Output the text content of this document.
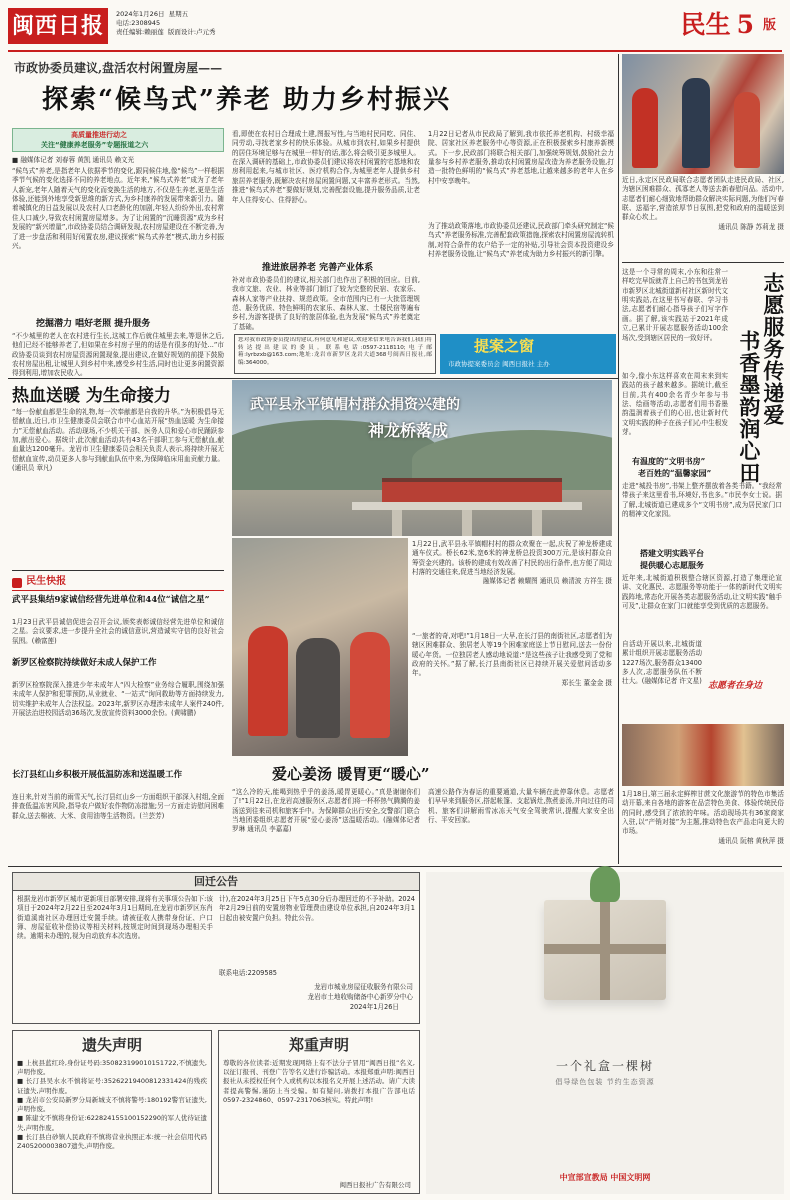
闽西日报	2024年1月26日 星期五
电话:2308945
责任编辑:赖丽莲 版面设计:卢元秀	民生 5 版
市政协委员建议,盘活农村闲置房屋——
探索“候鸟式”养老 助力乡村振兴
高质量推进行动之
关注“健康养老服务”专题报道之六
■ 融媒体记者 刘春蓉 黄凯 通讯员 赖文光
“候鸟式”养老,是指老年人依据季节的变化,跟同候住地,像“候鸟”一样根据季节气候的变化选择不同的养老地点。近年来,“候鸟式养老”成为了老年人新宠,老年人随着天气的变化而变换生活的地方,不仅是生养老,更是生活体验,还能到外地享受新思维的新方式,为乡村康养的发展带来新引力。随着城镇化的日益发展以及农村人口老龄化的加剧,年轻人纷纷外出,农村常住人口减少,导致农村闲置房屋增多。为了让闲置的“沉睡资源”成为乡村发展的“新兴增量”,市政协委员结合调研发现,农村房屋建设在不断完善,为了进一步盘活和利用好闲置农房,建议探索“候鸟式养老”模式,助力乡村振兴。
挖掘潜力 唱好老照 提升服务
“不少城里的老人在农村进行生长,这城工作后就住城里去来,等退休之后,他们已经不能够养老了,但如果在乡村房子里的的话是有很多的好处...”市政协委员谈到农村房屋资源闲置现象,提出建议,在做好规划的前提下鼓励农村房屋出租,让城里人到乡村中来,感受乡村生活,同时也让更多闲置资源得到利用,增加农民收入。
看,即使在农村日合理成土建,图报写性,与当地村民同吃、同住、同劳动,寻找老家乡村的快乐体验。从城市到农村,如果乡村提供的居住环境足够与在城里一样好的话,那么将会吸引更多城里人。在深入调研的基础上,市政协委员们建议将农村闲置的宅基地和农房利用起来,与城市社区、医疗机构合作,为城里老年人提供乡村旅居养老服务,既解决农村房屋闲置问题,又丰富养老形式。当然,推进“候鸟式养老”要做好规划,完善配套设施,提升服务品质,让老年人住得安心、住得舒心。
推进旅居养老 完善产业体系
补对市政协委员们的建议,相关部门也作出了积极的回应。目前,我市文旅、农业、林业等部门制订了较为完整的民宿、农家乐、森林人家等产业扶持、规范政策。全市范围内已有一大批管理规范、服务优质、特色鲜明的农家乐、森林人家、土楼民宿等遍布乡村,为游客提供了良好的旅居体验,也为发展“候鸟式”养老奠定了基础。
1月22日记者从市民政局了解到,我市依托养老机构、村级幸福院、居家社区养老服务中心等资源,正在积极探索乡村康养新模式。下一步,民政部门将联合相关部门,加强统筹规划,鼓励社会力量参与乡村养老服务,推动农村闲置房屋改造为养老服务设施,打造一批特色鲜明的“候鸟式”养老基地,让越来越多的老年人在乡村中安享晚年。
为了推动政策落地,市政协委员还建议,民政部门牵头研究制定“候鸟式”养老服务标准,完善配套政策措施,探索农村闲置房屋流转机制,对符合条件的农户给予一定的补贴,引导社会资本投资建设乡村养老服务设施,让“候鸟式”养老成为助力乡村振兴的新引擎。
您对我市政协委员提出的建议,有何意见和建议,欢迎来信来电告诉我们,我们将转达提出建议的委员。联系电话:0597-2118110;电子邮箱:lyrbzxb@163.com;地址:龙岩市新罗区龙岩大道368号闽西日报社,邮编:364000。
提案之窗
市政协提案委员会 闽西日报社 主办
热血送暖 为生命接力
“每一份献血都是生命的礼物,每一次奉献都是自我的升华。”为积极倡导无偿献血,近日,市卫生健康委员会联合市中心血站开展“热血送暖 为生命接力”无偿献血活动。活动现场,不少机关干部、医务人员和爱心市民踊跃参加,献出爱心。据统计,此次献血活动共有43名干部职工参与无偿献血,献血量达1200毫升。龙岩市卫生健康委员会相关负责人表示,将持续开展无偿献血宣传,动员更多人参与到献血队伍中来,为保障临床用血贡献力量。(通讯员 章凡)
民生快报
武平县集结9家诚信经营先进单位和44位“诚信之星”
1月23日武平县诚信促进会召开会议,颁奖表彰诚信经营先进单位和诚信之星。会议要求,进一步提升全社会的诚信意识,营造诚实守信的良好社会氛围。(赖富莲)
新罗区检察院持续做好未成人保护工作
新罗区检察院深入推进少年未成年人“四大检察”业务综合履职,围绕加强未成年人保护和犯罪预防,从业就业、“一站式”询问救助等方面持续发力,切实维护未成年人合法权益。2023年,新罗区办理涉未成年人案件240件,开展法治进校园活动36场次,发放宣传资料3000余份。(黄啸鹏)
长汀县红山乡积极开展低温防冻和送温暖工作
连日来,针对当前的雨雪天气,长汀县红山乡一方面组织干部深入村组,全面排查低温冻害风险,指导农户做好农作物防冻措施;另一方面走访慰问困难群众,送去棉被、大米、食用油等生活物资。(兰芸芳)
武平县永平镇帽村群众捐资兴建的
神龙桥落成
1月22日,武平县永平镇帽村村的群众欢聚在一起,庆祝了神龙桥建成通车仪式。桥长62米,宽6米的神龙桥总投资300万元,是该村群众自筹资金兴建的。该桥的建成有效改善了村民的出行条件,也方便了周边村落的交通往来,促进当地经济发展。
融媒体记者 赖耀图 通讯员 赖清波 方祥生 摄
“一旅者的奇,对吧!”1月18日一大早,在长汀县的南街社区,志愿者们为辖区困难群众、独居老人等19个困难家庭送上节日慰问,送去一份份暖心年货。一位独居老人感动地说道:“是这些孩子让我感受到了党和政府的关怀。”据了解,长汀县南街社区已持续开展关爱慰问活动多年。
郑长生 董金金 摄
爱心姜汤 暖胃更“暖心”
“这么冷的天,能喝到热乎乎的姜汤,暖胃更暖心。”真是谢谢你们了!”1月22日,在龙岩高速服务区,志愿者们将一杯杯热气腾腾的姜汤送到往来司机和旅客手中。为保障群众出行安全,交警部门联合当地团委组织志愿者开展“爱心姜汤”送温暖活动。(融媒体记者 罗琳 通讯员 李嘉嘉)
高速公路作为春运的重要通道,大量车辆在此停靠休息。志愿者们早早来到服务区,搭起帐篷、支起锅灶,熬煮姜汤,并向过往的司机、旅客们讲解雨雪冰冻天气安全驾驶常识,提醒大家安全出行、平安回家。
近日,永定区民政局联合志愿者团队走进民政局、社区,为辖区困难群众、孤寡老人等送去新春慰问品。活动中,志愿者们耐心细致地帮助群众解决实际问题,为他们写春联、送福字,营造浓厚节日氛围,把党和政府的温暖送到群众心坎上。
通讯员 陈静 苏莉龙 摄
志愿服务传递爱
书香墨韵润心田
这是一个寻常的周末,小东和往常一样吃完早饭就背上自己的书包到龙岩市新罗区北城街道新村社区新时代文明实践站,在这里书写春联、学习书法,志愿者们耐心指导孩子们写字作画。据了解,该实践站于2021年成立,已累计开展志愿服务活动100余场次,受到辖区居民的一致好评。
如今,像小东这样喜欢在周末来到实践站的孩子越来越多。据统计,截至目前,共有400余名青少年参与书法、绘画等活动,志愿者们用书香墨韵温润着孩子们的心田,也让新时代文明实践的种子在孩子们心中生根发芽。
有温度的“文明书房”
老百姓的“温馨家园”
走进“城投书房”,书架上整齐摆放着各类书籍。“我经常带孩子来这里看书,环境好,书也多。”市民李女士说。据了解,北城街道已建成多个“文明书房”,成为居民家门口的精神文化家园。
搭建文明实践平台
提供暖心志愿服务
近年来,北城街道积极整合辖区资源,打造了集理论宣讲、文化惠民、志愿服务等功能于一体的新时代文明实践阵地,常态化开展各类志愿服务活动,让文明实践“触手可及”,让群众在家门口就能享受到优质的志愿服务。
自活动开展以来,北城街道累计组织开展志愿服务活动1227场次,服务群众13400多人次,志愿服务队伍不断壮大。(融媒体记者 许文星) 志愿者在身边
1月18日,第三届永定鲜榨甘蔗文化旅游节的特色市集活动开幕,来自各地的游客在品尝特色美食、体验传统民俗的同时,感受到了浓浓的年味。活动现场共有36家商家入驻,以“产销对接”为主题,推动特色农产品走向更大的市场。
通讯员 阮榕 黄秋萍 摄
回迁公告
根据龙岩市新罗区城市更新项目部署安排,现将有关事项公告如下:该项目于2024年2月22日至2024年3月1日期间,在龙岩市新罗区东肖街道溪南社区办理回迁安置手续。请被征收人携带身份证、户口簿、房屋征收补偿协议等相关材料,按规定时间到现场办理相关手续。逾期未办理的,视为自动放弃本次选房。
计),在2024年3月25日下午5点30分后办理回迁的不予补助。2024年2月29日前的安置房物业管理费由建设单位承担,自2024年3月1日起由被安置户负担。特此公告。
联系电话:2209585
龙岩市城业房屋征收服务有限公司
龙岩市土地收购储备中心新罗分中心
2024年1月26日
遗失声明
■ 上杭县蓝红玲,身份证号码:350823199010151722,不慎遗失,声明作废。
■ 长汀县吴水水不慎将证号:35262219400812331424的残疾证遗失,声明作废。
■ 龙岩市公安局新罗分局新城支不慎将警号:180192警官证遗失,声明作废。
■ 陈建文不慎将身份证:622824155100152290的军人优待证遗失,声明作废。
■ 长汀县白砂镇人民政府不慎将营业执照正本:统一社会信用代码Z405200003807遗失,声明作废。
郑重声明
尊敬的各位读者:近期发现网络上有不法分子冒用“闽西日报”名义,以征订报刊、刊登广告等名义进行诈骗活动。本报郑重声明:闽西日报社从未授权任何个人或机构以本报名义开展上述活动。请广大读者提高警惕,谨防上当受骗。如有疑问,请拨打本报广告部电话0597-2324860、0597-2317063核实。特此声明!
闽西日报社广告有限公司
一个礼盒一棵树
倡导绿色包装 节约生态资源
中宣部宣教局 中国文明网
